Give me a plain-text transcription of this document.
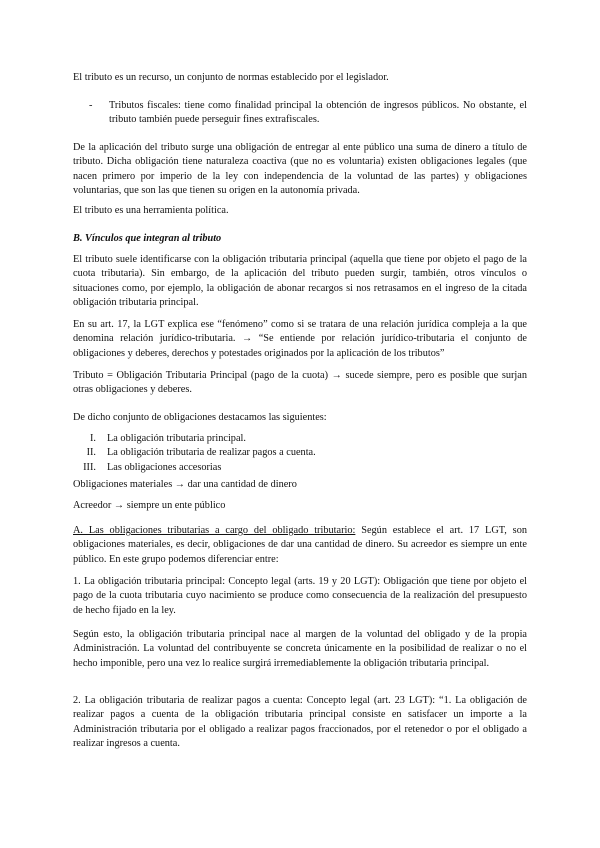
El tributo es un recurso, un conjunto de normas establecido por el legislador.

- Tributos fiscales: tiene como finalidad principal la obtención de ingresos públicos. No obstante, el tributo también puede perseguir fines extrafiscales.

De la aplicación del tributo surge una obligación de entregar al ente público una suma de dinero a título de tributo. Dicha obligación tiene naturaleza coactiva (que no es voluntaria) existen obligaciones legales (que nacen primero por imperio de la ley con independencia de la voluntad de las partes) y obligaciones voluntarias, que son las que tienen su origen en la autonomía privada.

El tributo es una herramienta política.

B. Vínculos que integran al tributo

El tributo suele identificarse con la obligación tributaria principal (aquella que tiene por objeto el pago de la cuota tributaria). Sin embargo, de la aplicación del tributo pueden surgir, también, otros vínculos o situaciones como, por ejemplo, la obligación de abonar recargos si nos retrasamos en el ingreso de la citada obligación tributaria principal.

En su art. 17, la LGT explica ese “fenómeno” como si se tratara de una relación jurídica compleja a la que denomina relación jurídico-tributaria. → “Se entiende por relación jurídico-tributaria el conjunto de obligaciones y deberes, derechos y potestades originados por la aplicación de los tributos”

Tributo = Obligación Tributaria Principal (pago de la cuota) → sucede siempre, pero es posible que surjan otras obligaciones y deberes.

De dicho conjunto de obligaciones destacamos las siguientes:

I. La obligación tributaria principal.
II. La obligación tributaria de realizar pagos a cuenta.
III. Las obligaciones accesorias

Obligaciones materiales → dar una cantidad de dinero

Acreedor → siempre un ente público

A. Las obligaciones tributarias a cargo del obligado tributario: Según establece el art. 17 LGT, son obligaciones materiales, es decir, obligaciones de dar una cantidad de dinero. Su acreedor es siempre un ente público. En este grupo podemos diferenciar entre:

1. La obligación tributaria principal: Concepto legal (arts. 19 y 20 LGT): Obligación que tiene por objeto el pago de la cuota tributaria cuyo nacimiento se produce como consecuencia de la realización del presupuesto de hecho fijado en la ley.

Según esto, la obligación tributaria principal nace al margen de la voluntad del obligado y de la propia Administración. La voluntad del contribuyente se concreta únicamente en la posibilidad de realizar o no el hecho imponible, pero una vez lo realice surgirá irremediablemente la obligación tributaria principal.

2. La obligación tributaria de realizar pagos a cuenta: Concepto legal (art. 23 LGT): “1. La obligación de realizar pagos a cuenta de la obligación tributaria principal consiste en satisfacer un importe a la Administración tributaria por el obligado a realizar pagos fraccionados, por el retenedor o por el obligado a realizar ingresos a cuenta.
